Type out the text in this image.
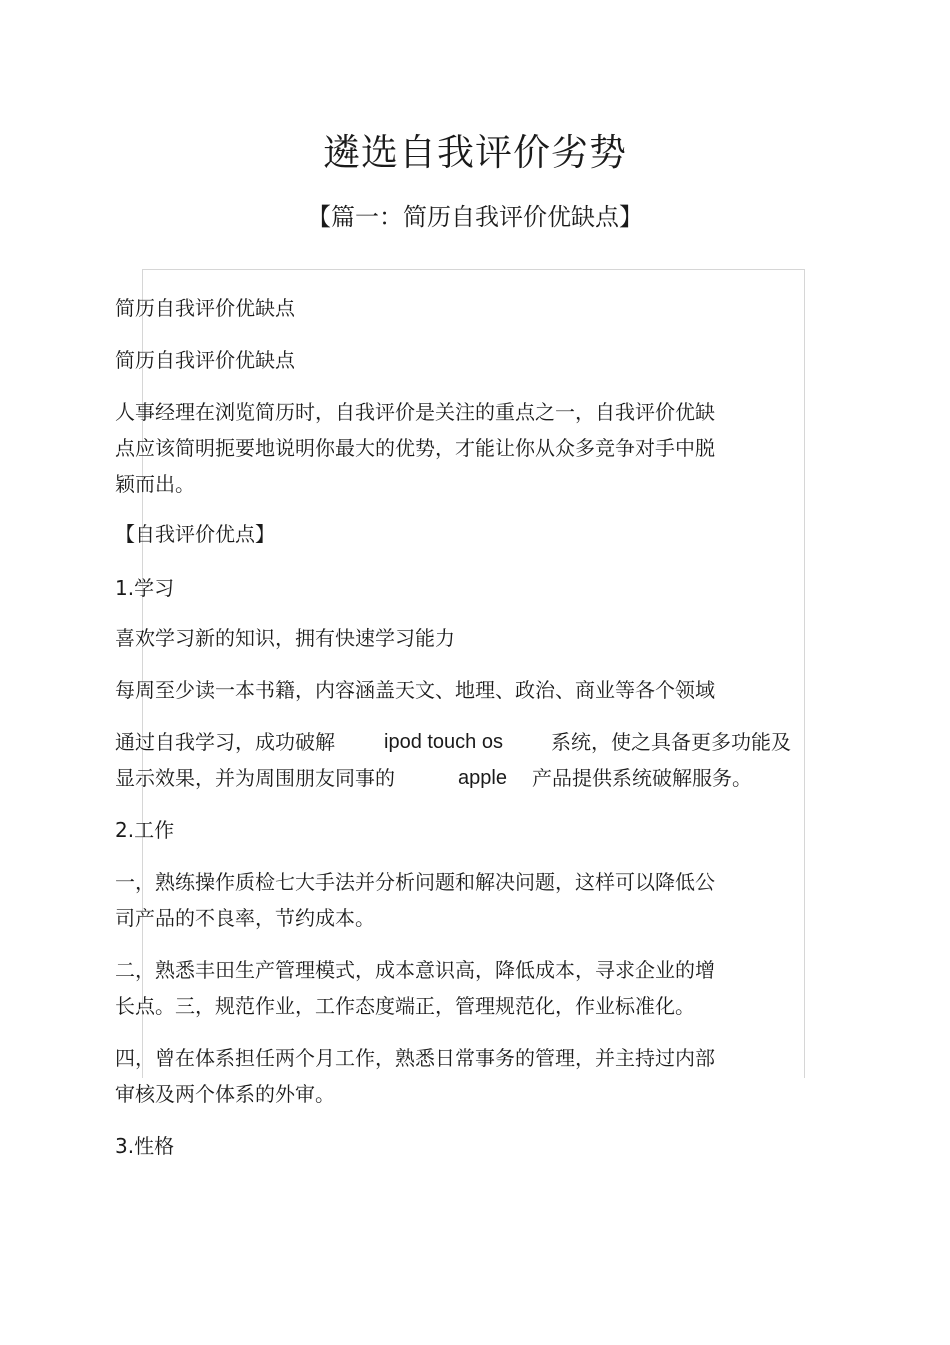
遴选自我评价劣势
【篇一：简历自我评价优缺点】
简历自我评价优缺点
简历自我评价优缺点
人事经理在浏览简历时，自我评价是关注的重点之一，自我评价优缺
点应该简明扼要地说明你最大的优势，才能让你从众多竞争对手中脱
颖而出。
【自我评价优点】
1.学习
喜欢学习新的知识，拥有快速学习能力
每周至少读一本书籍，内容涵盖天文、地理、政治、商业等各个领域
通过自我学习，成功破解 ipod touch os 系统，使之具备更多功能及
显示效果，并为周围朋友同事的	apple 产品提供系统破解服务。
2.工作
一，熟练操作质检七大手法并分析问题和解决问题，这样可以降低公
司产品的不良率，节约成本。
二，熟悉丰田生产管理模式，成本意识高，降低成本，寻求企业的增
长点。三，规范作业，工作态度端正，管理规范化，作业标准化。
四，曾在体系担任两个月工作，熟悉日常事务的管理，并主持过内部
审核及两个体系的外审。
3.性格
